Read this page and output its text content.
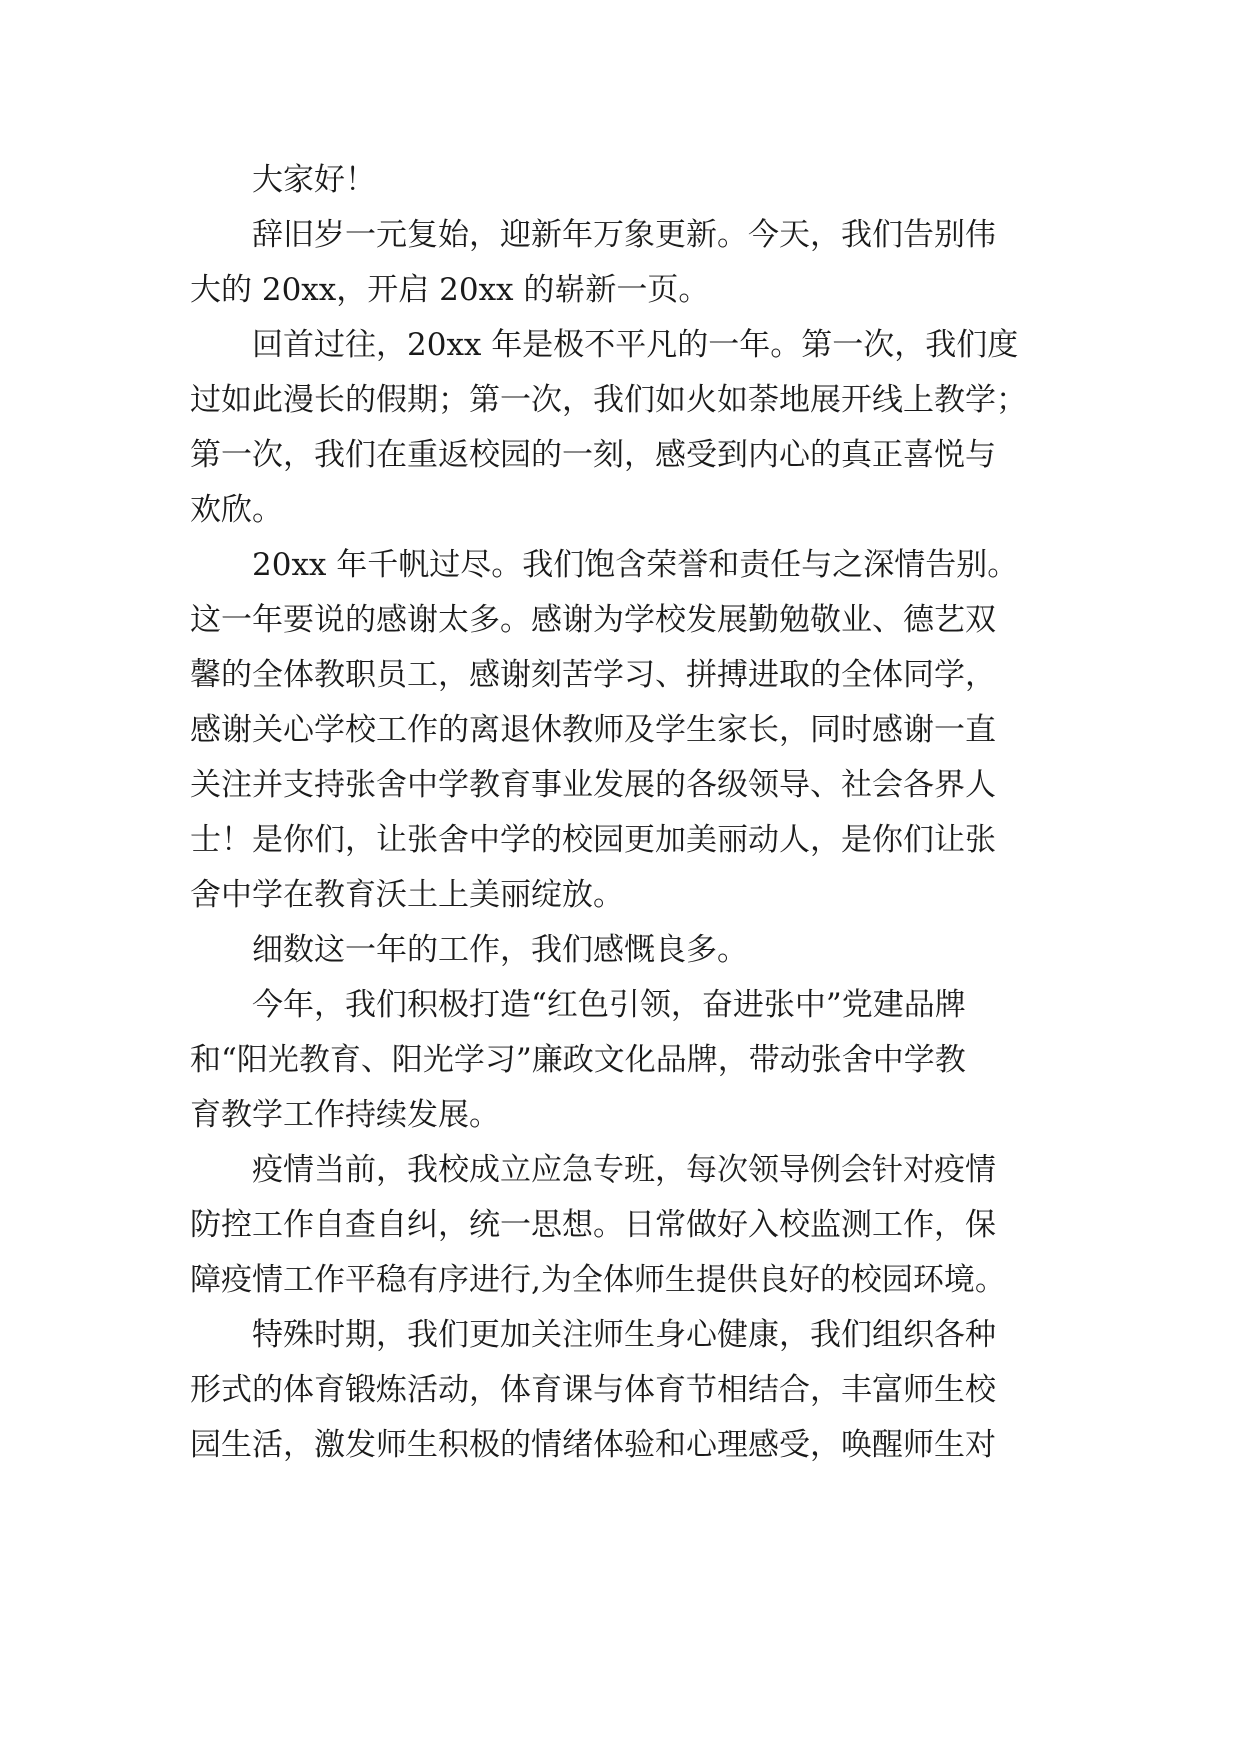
大家好！
辞旧岁一元复始，迎新年万象更新。今天，我们告别伟
大的 20xx，开启 20xx 的崭新一页。
回首过往，20xx 年是极不平凡的一年。第一次，我们度
过如此漫长的假期；第一次，我们如火如荼地展开线上教学；
第一次，我们在重返校园的一刻，感受到内心的真正喜悦与
欢欣。
20xx 年千帆过尽。我们饱含荣誉和责任与之深情告别。
这一年要说的感谢太多。感谢为学校发展勤勉敬业、德艺双
馨的全体教职员工，感谢刻苦学习、拼搏进取的全体同学，
感谢关心学校工作的离退休教师及学生家长，同时感谢一直
关注并支持张舍中学教育事业发展的各级领导、社会各界人
士！是你们，让张舍中学的校园更加美丽动人，是你们让张
舍中学在教育沃土上美丽绽放。
细数这一年的工作，我们感慨良多。
今年，我们积极打造“红色引领，奋进张中”党建品牌
和“阳光教育、阳光学习”廉政文化品牌，带动张舍中学教
育教学工作持续发展。
疫情当前，我校成立应急专班，每次领导例会针对疫情
防控工作自查自纠，统一思想。日常做好入校监测工作，保
障疫情工作平稳有序进行,为全体师生提供良好的校园环境。
特殊时期，我们更加关注师生身心健康，我们组织各种
形式的体育锻炼活动，体育课与体育节相结合，丰富师生校
园生活，激发师生积极的情绪体验和心理感受，唤醒师生对
